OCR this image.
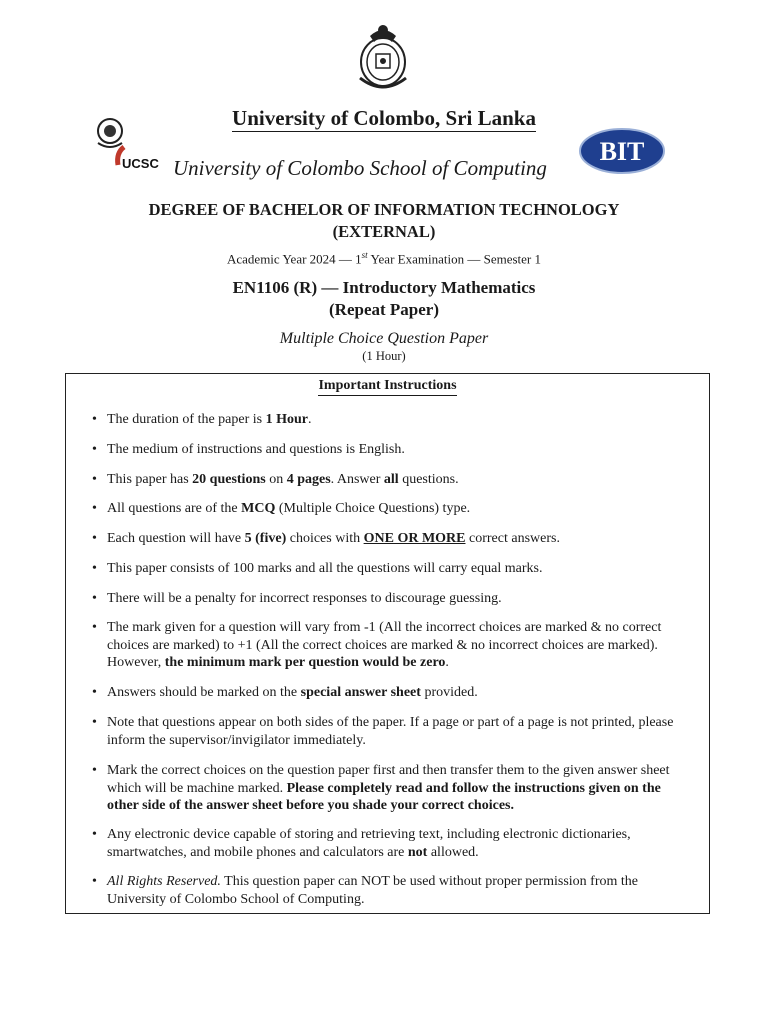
University of Colombo, Sri Lanka
UCSC University of Colombo School of Computing
BIT
DEGREE OF BACHELOR OF INFORMATION TECHNOLOGY
(EXTERNAL)
Academic Year 2024 — 1st Year Examination — Semester 1
EN1106 (R) — Introductory Mathematics
(Repeat Paper)
Multiple Choice Question Paper
(1 Hour)
Important Instructions
• The duration of the paper is 1 Hour.
• The medium of instructions and questions is English.
• This paper has 20 questions on 4 pages. Answer all questions.
• All questions are of the MCQ (Multiple Choice Questions) type.
• Each question will have 5 (five) choices with ONE OR MORE correct answers.
• This paper consists of 100 marks and all the questions will carry equal marks.
• There will be a penalty for incorrect responses to discourage guessing.
• The mark given for a question will vary from -1 (All the incorrect choices are marked & no correct choices are marked) to +1 (All the correct choices are marked & no incorrect choices are marked). However, the minimum mark per question would be zero.
• Answers should be marked on the special answer sheet provided.
• Note that questions appear on both sides of the paper. If a page or part of a page is not printed, please inform the supervisor/invigilator immediately.
• Mark the correct choices on the question paper first and then transfer them to the given answer sheet which will be machine marked. Please completely read and follow the instructions given on the other side of the answer sheet before you shade your correct choices.
• Any electronic device capable of storing and retrieving text, including electronic dictionaries, smartwatches, and mobile phones and calculators are not allowed.
• All Rights Reserved. This question paper can NOT be used without proper permission from the University of Colombo School of Computing.
